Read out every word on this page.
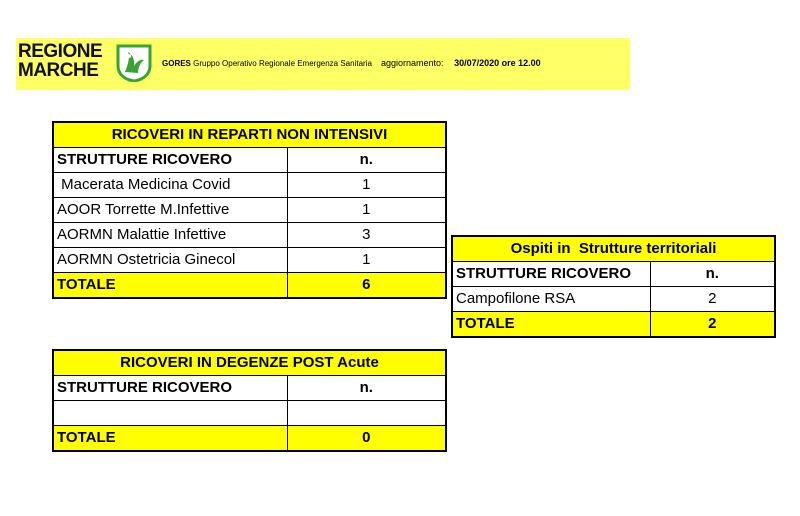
REGIONE
MARCHE	GORES Gruppo Operativo Regionale Emergenza Sanitaria aggiornamento: 30/07/2020 ore 12.00
RICOVERI IN REPARTI NON INTENSIVI	
STRUTTURE RICOVERO	n.
Macerata Medicina Covid	1
AOOR Torrette M.Infettive	1
AORMN Malattie Infettive	3
AORMN Ostetricia Ginecol	1
TOTALE	6
Ospiti in  Strutture territoriali	
STRUTTURE RICOVERO	n.
Campofilone RSA	2
TOTALE	2
RICOVERI IN DEGENZE POST Acute	
STRUTTURE RICOVERO	n.

TOTALE	0
